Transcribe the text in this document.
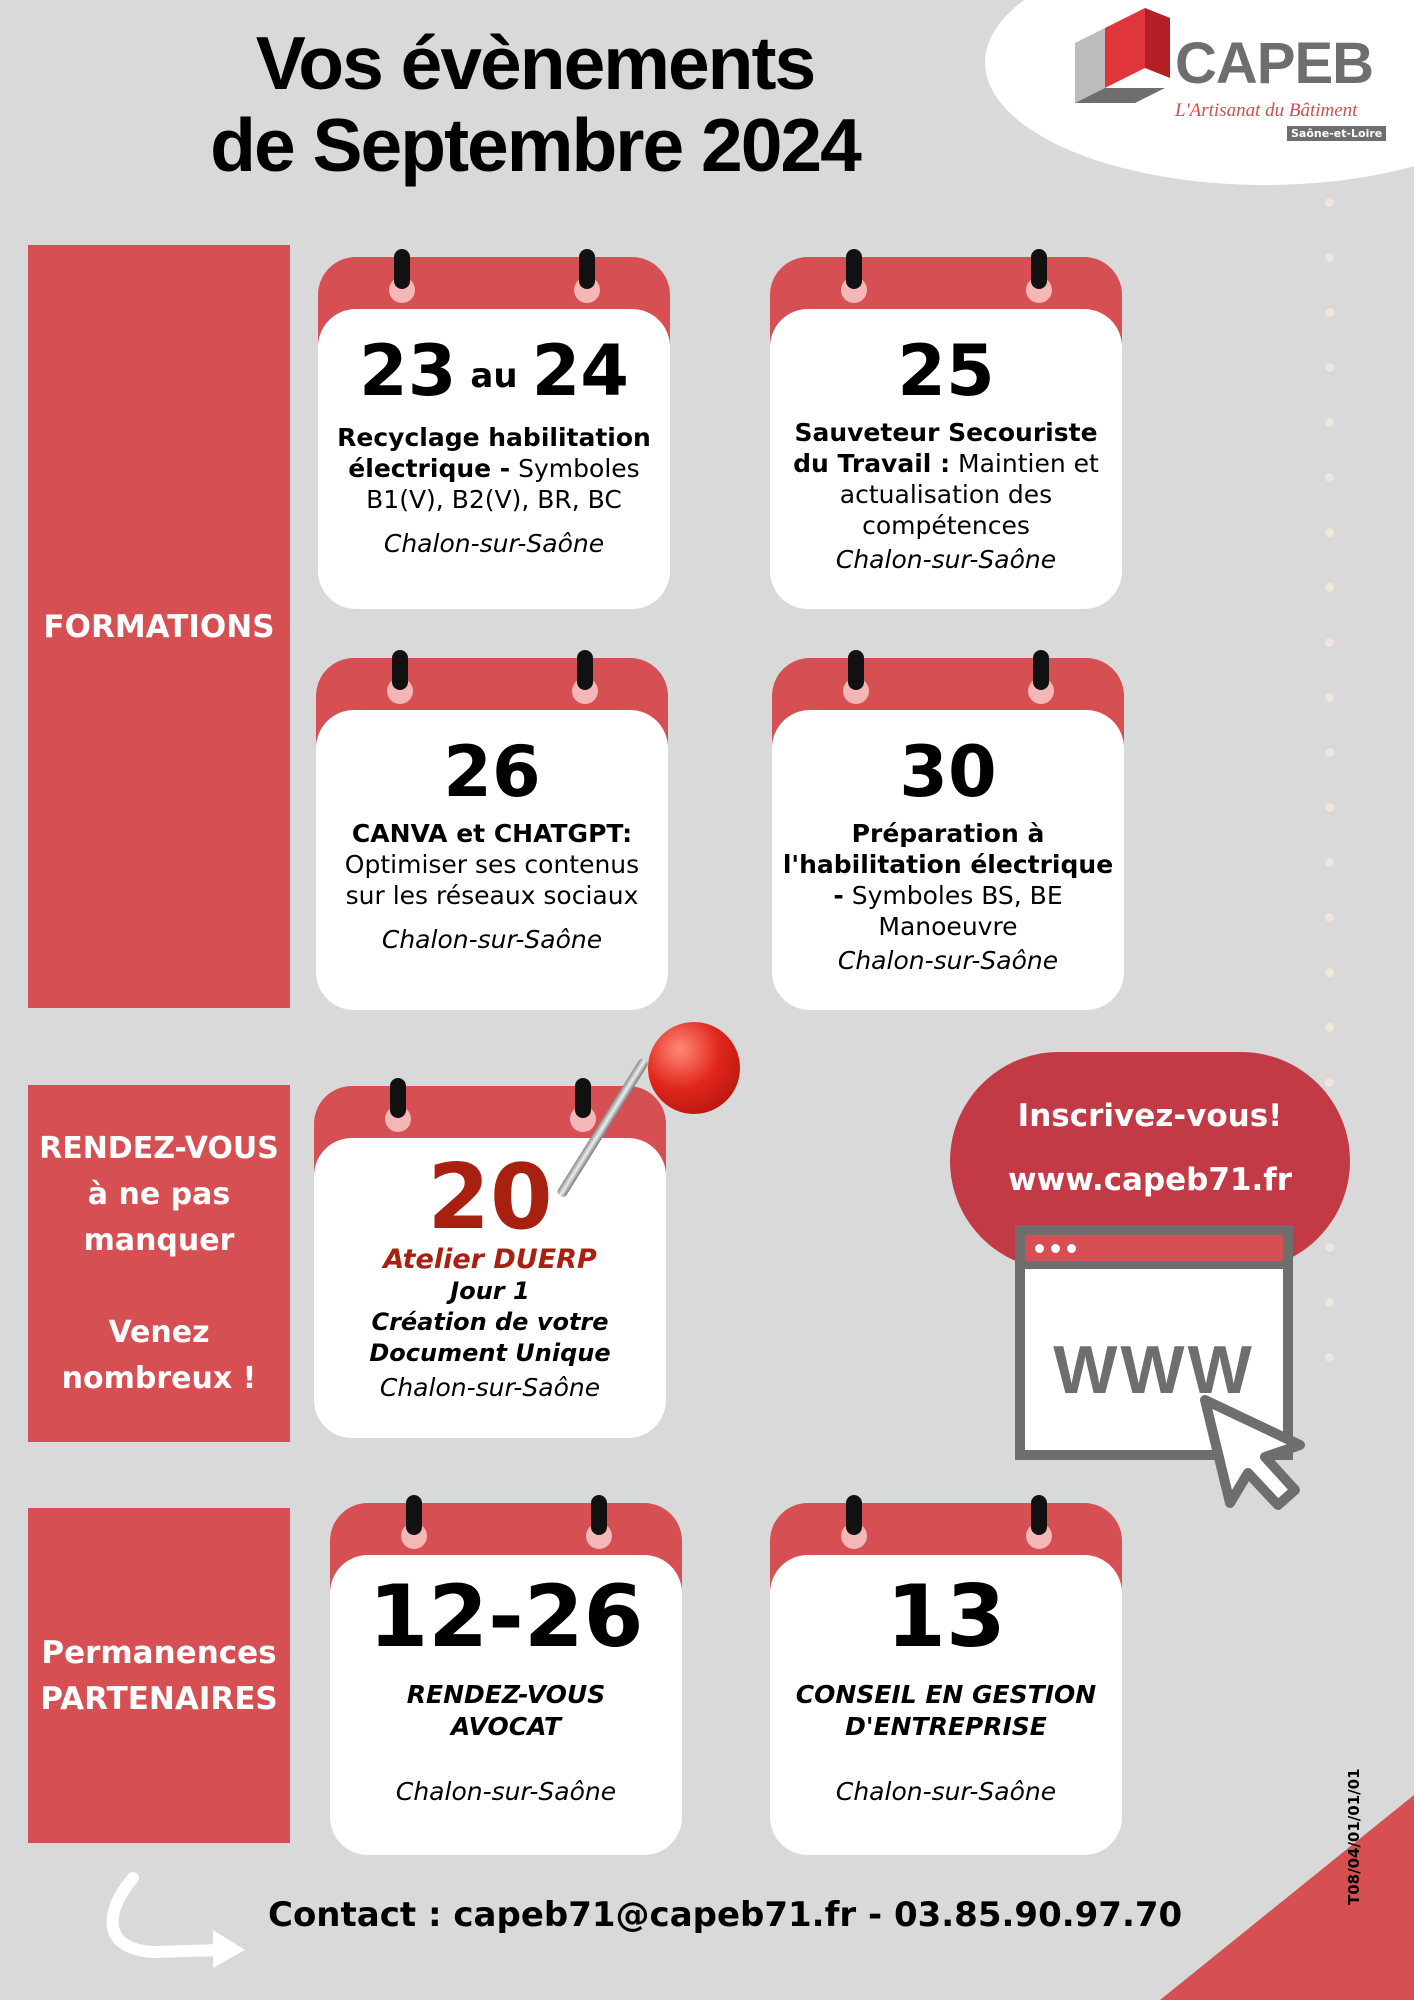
Vos évènements
de Septembre 2024
CAPEB
L'Artisanat du Bâtiment
Saône-et-Loire
FORMATIONS
RENDEZ-VOUS
à ne pas
manquer

Venez
nombreux !
Permanences
PARTENAIRES
23 au 24
Recyclage habilitation électrique - Symboles B1(V), B2(V), BR, BC
Chalon-sur-Saône
25
Sauveteur Secouriste du Travail : Maintien et actualisation des compétences
Chalon-sur-Saône
26
CANVA et CHATGPT:
Optimiser ses contenus sur les réseaux sociaux
Chalon-sur-Saône
30
Préparation à l'habilitation électrique - Symboles BS, BE Manoeuvre
Chalon-sur-Saône
20
Atelier DUERP
Jour 1
Création de votre
Document Unique
Chalon-sur-Saône
12-26
RENDEZ-VOUS
AVOCAT
Chalon-sur-Saône
13
CONSEIL EN GESTION
D'ENTREPRISE
Chalon-sur-Saône
Inscrivez-vous!
www.capeb71.fr
WWW
Contact : capeb71@capeb71.fr - 03.85.90.97.70
T08/04/01/01/01
